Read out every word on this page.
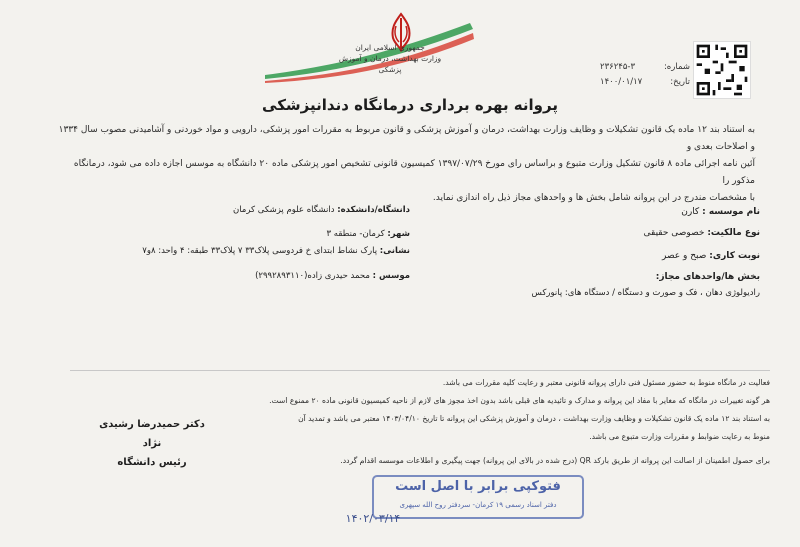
جمهوری اسلامی ایران
وزارت بهداشت، درمان و آموزش پزشکی	شماره:
۲۳۶۲۴۵-۳
تاریخ:
۱۴۰۰/۰۱/۱۷
پروانه بهره برداری درمانگاه دندانپزشکی
به استناد بند ۱۲ ماده یک قانون تشکیلات و وظایف وزارت بهداشت، درمان و آموزش پزشکی و قانون مربوط به مقررات امور پزشکی، دارویی و مواد خوردنی و آشامیدنی مصوب سال ۱۳۳۴ و اصلاحات بعدی و
آئین نامه اجرائی ماده ۸ قانون تشکیل وزارت متبوع و براساس رای مورخ ۱۳۹۷/۰۷/۲۹ کمیسیون قانونی تشخیص امور پزشکی ماده ۲۰ دانشگاه به موسس اجازه داده می شود، درمانگاه مذکور را
با مشخصات مندرج در این پروانه شامل بخش ها و واحدهای مجاز ذیل راه اندازی نماید.
دانشگاه/دانشکده: دانشگاه علوم پزشکی کرمان
شهر: کرمان- منطقه ۳
نشانی: پارک نشاط ابتدای خ فردوسی پلاک۳۳ ۷ پلاک۳۳ طبقه: ۴ واحد: ۸و۷
موسس : محمد حیدری زاده(۲۹۹۲۸۹۳۱۱۰)
نام موسسه : کارن
نوع مالکیت: خصوصی حقیقی
نوبت کاری: صبح و عصر
بخش ها/واحدهای مجاز:
رادیولوژی دهان ، فک و صورت و دستگاه / دستگاه های: پانورکس
فعالیت در مانگاه منوط به حضور مسئول فنی دارای پروانه قانونی معتبر و رعایت کلیه مقررات می باشد.
هر گونه تغییرات در مانگاه که مغایر با مفاد این پروانه و مدارک و تائیدیه های قبلی باشد بدون اخذ مجوز های لازم از ناحیه کمیسیون قانونی ماده ۲۰ ممنوع است.
به استناد بند ۱۲ ماده یک قانون تشکیلات و وظایف وزارت بهداشت ، درمان و آموزش پزشکی این پروانه تا تاریخ ۱۴۰۳/۰۴/۱۰ معتبر می باشد و تمدید آن
منوط به رعایت ضوابط و مقررات وزارت متبوع می باشد.
برای حصول اطمینان از اصالت این پروانه از طریق بارکد QR (درج شده در بالای این پروانه) جهت پیگیری و اطلاعات موسسه اقدام گردد.
دکتر حمیدرضا رشیدی نژاد
رئیس دانشگاه
فتوکپی برابر با اصل است
دفتر اسناد رسمی ۱۹ کرمان- سردفتر روح الله سپهری
۱۴۰۲/۰۳/۱۴
